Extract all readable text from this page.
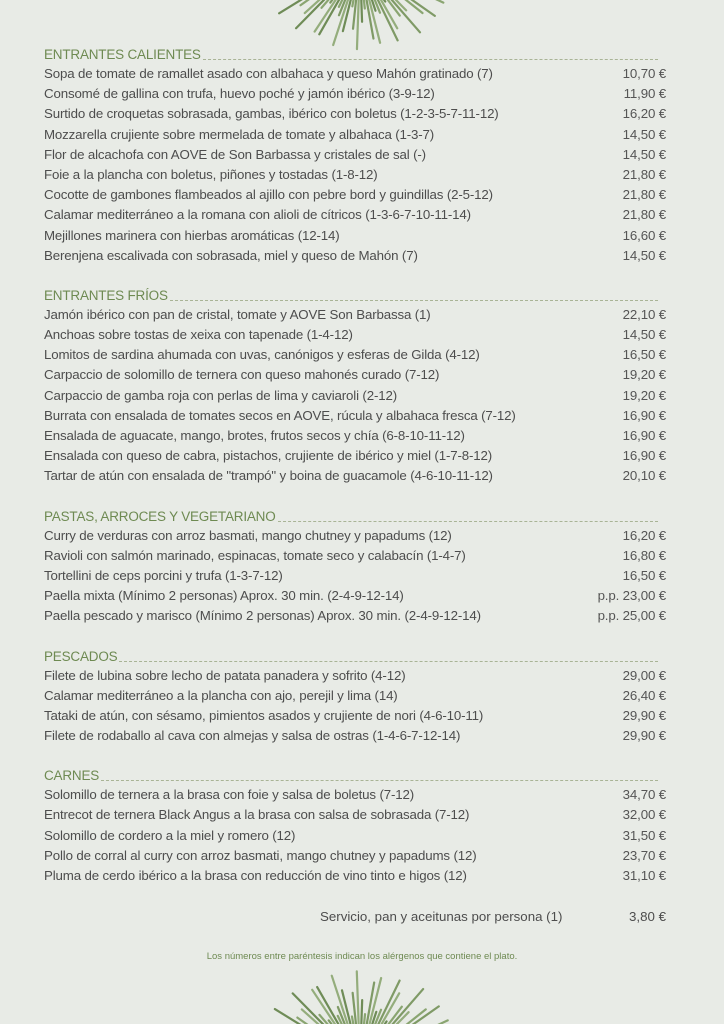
ENTRANTES CALIENTES
Sopa de tomate de ramallet asado con albahaca y queso Mahón gratinado (7)	10,70 €
Consomé de gallina con trufa, huevo poché y jamón ibérico (3-9-12)	11,90 €
Surtido de croquetas sobrasada, gambas, ibérico con boletus (1-2-3-5-7-11-12)	16,20 €
Mozzarella crujiente sobre mermelada de tomate y albahaca (1-3-7)	14,50 €
Flor de alcachofa con AOVE de Son Barbassa y cristales de sal (-)	14,50 €
Foie a la plancha con boletus, piñones y tostadas (1-8-12)	21,80 €
Cocotte de gambones flambeados al ajillo con pebre bord y guindillas (2-5-12)	21,80 €
Calamar mediterráneo a la romana con alioli de cítricos (1-3-6-7-10-11-14)	21,80 €
Mejillones marinera con hierbas aromáticas (12-14)	16,60 €
Berenjena escalivada con sobrasada, miel y queso de Mahón (7)	14,50 €
ENTRANTES FRÍOS
Jamón ibérico con pan de cristal, tomate y AOVE Son Barbassa (1)	22,10 €
Anchoas sobre tostas de xeixa con tapenade (1-4-12)	14,50 €
Lomitos de sardina ahumada con uvas, canónigos y esferas de Gilda (4-12)	16,50 €
Carpaccio de solomillo de ternera con queso mahonés curado (7-12)	19,20 €
Carpaccio de gamba roja con perlas de lima y caviaroli (2-12)	19,20 €
Burrata con ensalada de tomates secos en AOVE, rúcula y albahaca fresca (7-12)	16,90 €
Ensalada de aguacate, mango, brotes, frutos secos y chía (6-8-10-11-12)	16,90 €
Ensalada con queso de cabra, pistachos, crujiente de ibérico y miel (1-7-8-12)	16,90 €
Tartar de atún con ensalada de "trampó" y boina de guacamole (4-6-10-11-12)	20,10 €
PASTAS, ARROCES Y VEGETARIANO
Curry de verduras con arroz basmati, mango chutney y papadums (12)	16,20 €
Ravioli con salmón marinado, espinacas, tomate seco y calabacín (1-4-7)	16,80 €
Tortellini de ceps porcini y trufa (1-3-7-12)	16,50 €
Paella mixta (Mínimo 2 personas) Aprox. 30 min. (2-4-9-12-14)	p.p. 23,00 €
Paella pescado y marisco (Mínimo 2 personas) Aprox. 30 min. (2-4-9-12-14)	p.p. 25,00 €
PESCADOS
Filete de lubina sobre lecho de patata panadera y sofrito (4-12)	29,00 €
Calamar mediterráneo a la plancha con ajo, perejil y lima (14)	26,40 €
Tataki de atún, con sésamo, pimientos asados y crujiente de nori (4-6-10-11)	29,90 €
Filete de rodaballo al cava con almejas y salsa de ostras (1-4-6-7-12-14)	29,90 €
CARNES
Solomillo de ternera a la brasa con foie y salsa de boletus (7-12)	34,70 €
Entrecot de ternera Black Angus a la brasa con salsa de sobrasada (7-12)	32,00 €
Solomillo de cordero a la miel y romero (12)	31,50 €
Pollo de corral al curry con arroz basmati, mango chutney y papadums (12)	23,70 €
Pluma de cerdo ibérico a la brasa con reducción de vino tinto e higos (12)	31,10 €
Servicio, pan y aceitunas por persona (1)	3,80 €
Los números entre paréntesis indican los alérgenos que contiene el plato.
